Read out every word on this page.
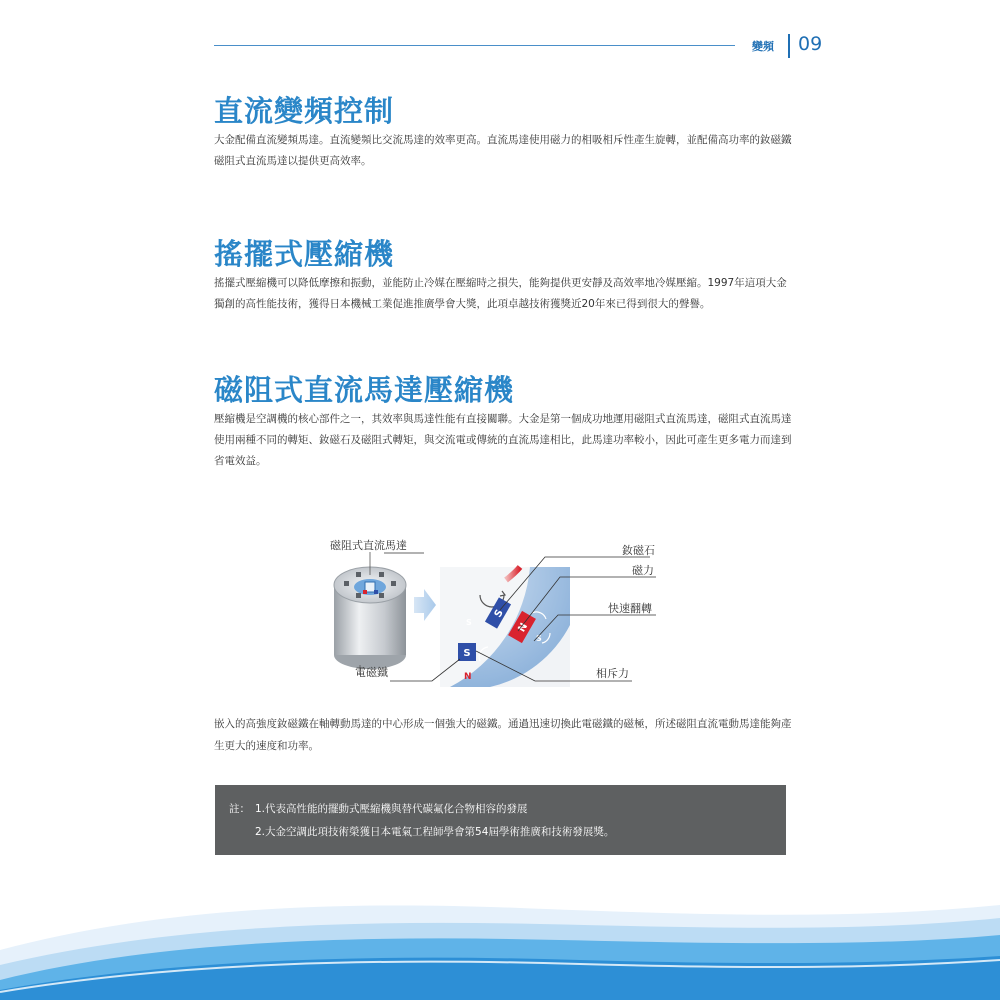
變頻 09
直流變頻控制
大金配備直流變頻馬達。直流變頻比交流馬達的效率更高。直流馬達使用磁力的相吸相斥性產生旋轉，並配備高功率的釹磁鐵磁阻式直流馬達以提供更高效率。
搖擺式壓縮機
搖擺式壓縮機可以降低摩擦和振動，並能防止冷媒在壓縮時之損失，能夠提供更安靜及高效率地冷媒壓縮。1997年這項大金獨創的高性能技術，獲得日本機械工業促進推廣學會大獎，此項卓越技術獲獎近20年來已得到很大的聲譽。
磁阻式直流馬達壓縮機
壓縮機是空調機的核心部件之一，其效率與馬達性能有直接關聯。大金是第一個成功地運用磁阻式直流馬達，磁阻式直流馬達使用兩種不同的轉矩、釹磁石及磁阻式轉矩，與交流電或傳統的直流馬達相比，此馬達功率較小，因此可產生更多電力而達到省電效益。
S
S	N
S
S
N
磁阻式直流馬達
電磁鐵
釹磁石
磁力
快速翻轉
相斥力
嵌入的高強度釹磁鐵在軸轉動馬達的中心形成一個強大的磁鐵。通過迅速切換此電磁鐵的磁極，所述磁阻直流電動馬達能夠產生更大的速度和功率。
註： 1.代表高性能的擺動式壓縮機與替代碳氟化合物相容的發展
2.大金空調此項技術榮獲日本電氣工程師學會第54屆學術推廣和技術發展獎。
